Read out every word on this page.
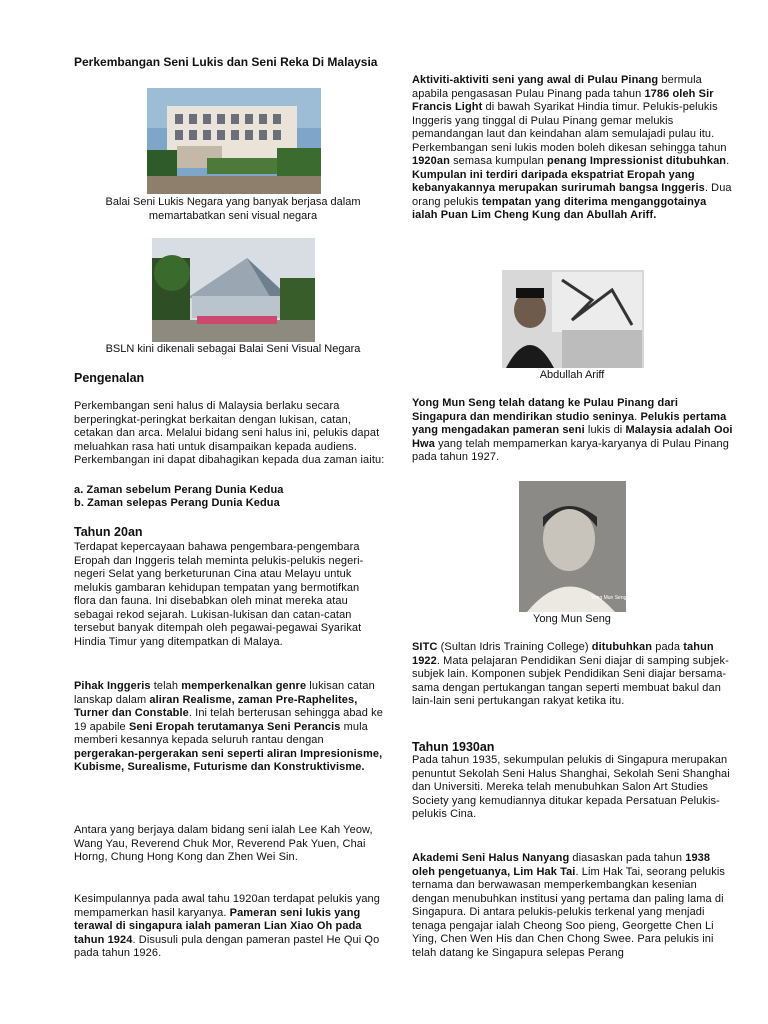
Perkembangan Seni Lukis dan Seni Reka Di Malaysia

Balai Seni Lukis Negara yang banyak berjasa dalam memartabatkan seni visual negara

BSLN kini dikenali sebagai Balai Seni Visual Negara

Pengenalan

Perkembangan seni halus di Malaysia berlaku secara berperingkat-peringkat berkaitan dengan lukisan, catan, cetakan dan arca. Melalui bidang seni halus ini, pelukis dapat meluahkan rasa hati untuk disampaikan kepada audiens. Perkembangan ini dapat dibahagikan kepada dua zaman iaitu:

a. Zaman sebelum Perang Dunia Kedua

b. Zaman selepas Perang Dunia Kedua

Tahun 20an

Terdapat kepercayaan bahawa pengembara-pengembara Eropah dan Inggeris telah meminta pelukis-pelukis negeri-negeri Selat yang berketurunan Cina atau Melayu untuk melukis gambaran kehidupan tempatan yang bermotifkan flora dan fauna. Ini disebabkan oleh minat mereka atau sebagai rekod sejarah. Lukisan-lukisan dan catan-catan tersebut banyak ditempah oleh pegawai-pegawai Syarikat Hindia Timur yang ditempatkan di Malaya.

Pihak Inggeris telah memperkenalkan genre lukisan catan lanskap dalam aliran Realisme, zaman Pre-Raphelites, Turner dan Constable. Ini telah berterusan sehingga abad ke 19 apabile Seni Eropah terutamanya Seni Perancis mula memberi kesannya kepada seluruh rantau dengan pergerakan-pergerakan seni seperti aliran Impresionisme, Kubisme, Surealisme, Futurisme dan Konstruktivisme.

Antara yang berjaya dalam bidang seni ialah Lee Kah Yeow, Wang Yau, Reverend Chuk Mor, Reverend Pak Yuen, Chai Horng, Chung Hong Kong dan Zhen Wei Sin.

Kesimpulannya pada awal tahu 1920an terdapat pelukis yang mempamerkan hasil karyanya. Pameran seni lukis yang terawal di singapura ialah pameran Lian Xiao Oh pada tahun 1924. Disusuli pula dengan pameran pastel He Qui Qo pada tahun 1926.

Aktiviti-aktiviti seni yang awal di Pulau Pinang bermula apabila pengasasan Pulau Pinang pada tahun 1786 oleh Sir Francis Light di bawah Syarikat Hindia timur. Pelukis-pelukis Inggeris yang tinggal di Pulau Pinang gemar melukis pemandangan laut dan keindahan alam semulajadi pulau itu. Perkembangan seni lukis moden boleh dikesan sehingga tahun 1920an semasa kumpulan penang Impressionist ditubuhkan. Kumpulan ini terdiri daripada ekspatriat Eropah yang kebanyakannya merupakan surirumah bangsa Inggeris. Dua orang pelukis tempatan yang diterima menganggotainya ialah Puan Lim Cheng Kung dan Abullah Ariff.

Abdullah Ariff

Yong Mun Seng telah datang ke Pulau Pinang dari Singapura dan mendirikan studio seninya. Pelukis pertama yang mengadakan pameran seni lukis di Malaysia adalah Ooi Hwa yang telah mempamerkan karya-karyanya di Pulau Pinang pada tahun 1927.

Yong Mun Seng (1896-1962)

Yong Mun Seng

SITC (Sultan Idris Training College) ditubuhkan pada tahun 1922. Mata pelajaran Pendidikan Seni diajar di samping subjek-subjek lain. Komponen subjek Pendidikan Seni diajar bersama-sama dengan pertukangan tangan seperti membuat bakul dan lain-lain seni pertukangan rakyat ketika itu.

Tahun 1930an

Pada tahun 1935, sekumpulan pelukis di Singapura merupakan penuntut Sekolah Seni Halus Shanghai, Sekolah Seni Shanghai dan Universiti. Mereka telah menubuhkan Salon Art Studies Society yang kemudiannya ditukar kepada Persatuan Pelukis-pelukis Cina.

Akademi Seni Halus Nanyang diasaskan pada tahun 1938 oleh pengetuanya, Lim Hak Tai. Lim Hak Tai, seorang pelukis ternama dan berwawasan memperkembangkan kesenian dengan menubuhkan institusi yang pertama dan paling lama di Singapura. Di antara pelukis-pelukis terkenal yang menjadi tenaga pengajar ialah Cheong Soo pieng, Georgette Chen Li Ying, Chen Wen His dan Chen Chong Swee. Para pelukis ini telah datang ke Singapura selepas Perang
